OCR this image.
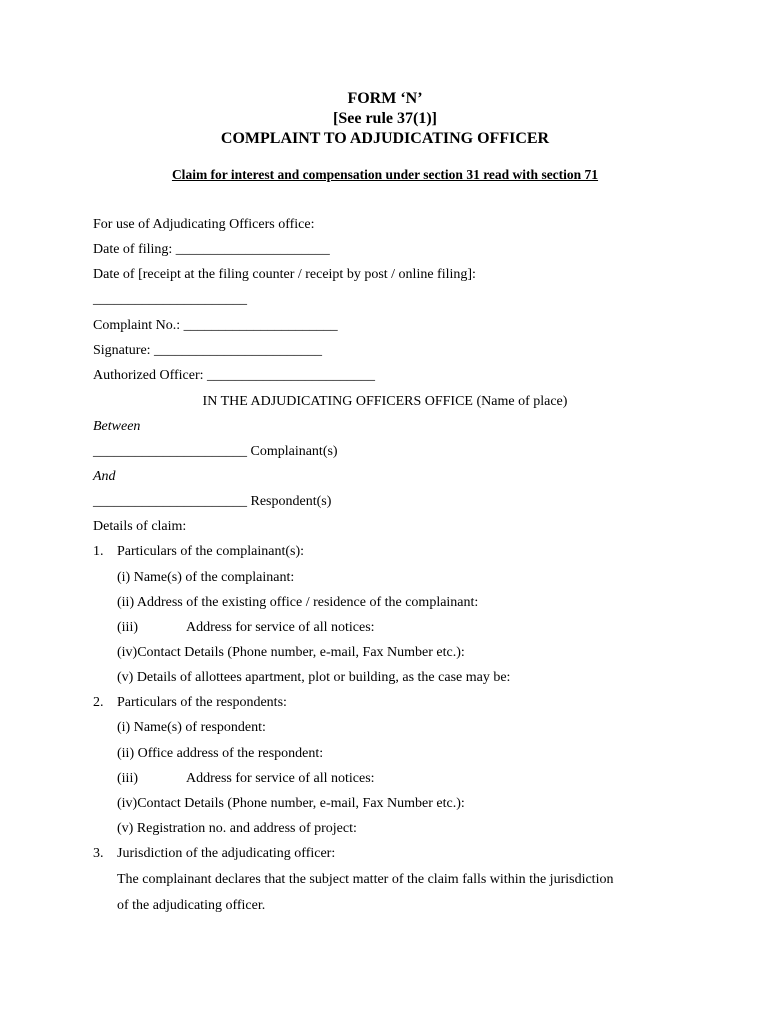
FORM ‘N’
[See rule 37(1)]
COMPLAINT TO ADJUDICATING OFFICER
Claim for interest and compensation under section 31 read with section 71
For use of Adjudicating Officers office:
Date of filing: ______________________
Date of [receipt at the filing counter / receipt by post / online filing]:
______________________
Complaint No.: ______________________
Signature: ________________________
Authorized Officer: ________________________
IN THE ADJUDICATING OFFICERS OFFICE (Name of place)
Between
______________________ Complainant(s)
And
______________________ Respondent(s)
Details of claim:
1. Particulars of the complainant(s):
(i) Name(s) of the complainant:
(ii) Address of the existing office / residence of the complainant:
(iii)	Address for service of all notices:
(iv)Contact Details (Phone number, e-mail, Fax Number etc.):
(v) Details of allottees apartment, plot or building, as the case may be:
2. Particulars of the respondents:
(i) Name(s) of respondent:
(ii) Office address of the respondent:
(iii)	Address for service of all notices:
(iv)Contact Details (Phone number, e-mail, Fax Number etc.):
(v) Registration no. and address of project:
3. Jurisdiction of the adjudicating officer:
The complainant declares that the subject matter of the claim falls within the jurisdiction
of the adjudicating officer.
